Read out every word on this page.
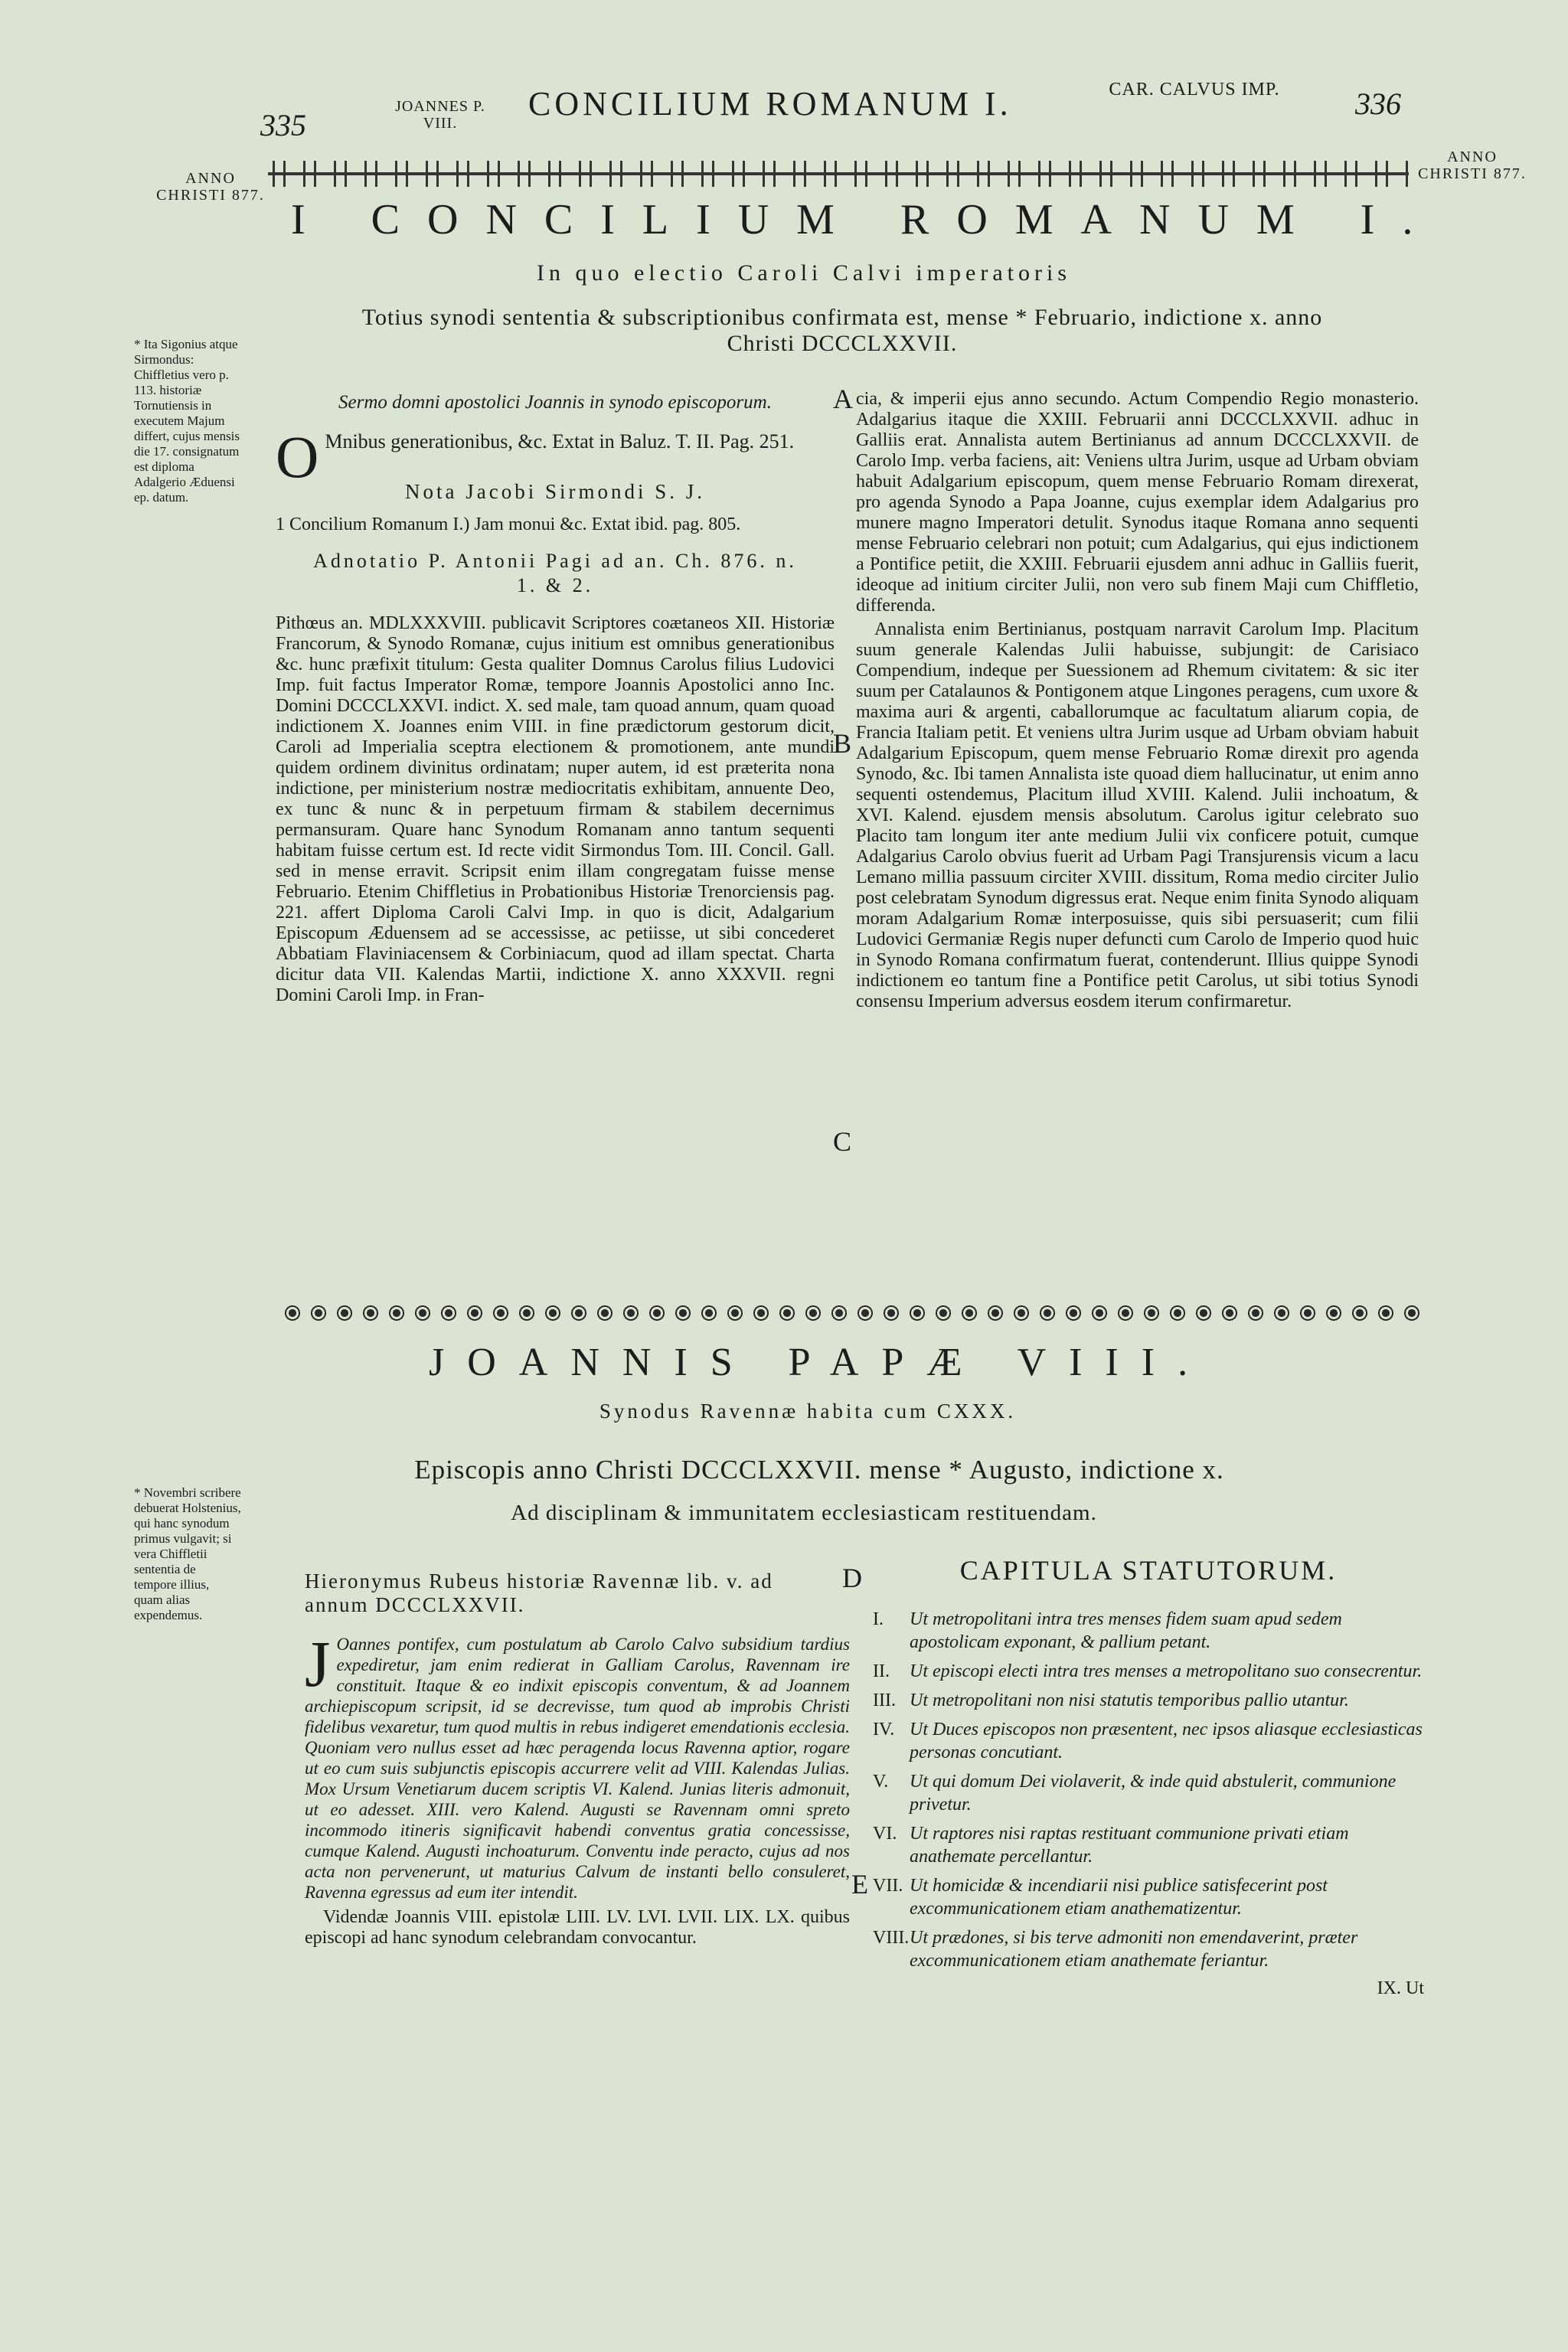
335
JOANNES P. VIII.
CONCILIUM ROMANUM I.	CAR. CALVUS IMP.	336
ANNO CHRISTI 877.
ANNO CHRISTI 877.
I CONCILIUM ROMANUM I.
In quo electio Caroli Calvi imperatoris
Totius synodi sententia & subscriptionibus confirmata est, mense * Februario, indictione x. anno Christi DCCCLXXVII.
* Ita Sigonius atque Sirmondus: Chiffletius vero p. 113. historiæ Tornutiensis in executem Majum differt, cujus mensis die 17. consignatum est diploma Adalgerio Æduensi ep. datum.
Sermo domni apostolici Joannis in synodo episcoporum.
O Mnibus generationibus, &c. Extat in Baluz. T. II. Pag. 251.
Nota Jacobi Sirmondi S. J.
1 Concilium Romanum I.) Jam monui &c. Extat ibid. pag. 805.
Adnotatio P. Antonii Pagi ad an. Ch. 876. n. 1. & 2.
Pithœus an. MDLXXXVIII. publicavit Scriptores coætaneos XII. Historiæ Francorum, & Synodo Romanæ, cujus initium est omnibus generationibus &c. hunc præfixit titulum: Gesta qualiter Domnus Carolus filius Ludovici Imp. fuit factus Imperator Romæ, tempore Joannis Apostolici anno Inc. Domini DCCCLXXVI. indict. X. sed male, tam quoad annum, quam quoad indictionem X. Joannes enim VIII. in fine prædictorum gestorum dicit, Caroli ad Imperialia sceptra electionem & promotionem, ante mundi quidem ordinem divinitus ordinatam; nuper autem, id est præterita nona indictione, per ministerium nostræ mediocritatis exhibitam, annuente Deo, ex tunc & nunc & in perpetuum firmam & stabilem decernimus permansuram. Quare hanc Synodum Romanam anno tantum sequenti habitam fuisse certum est. Id recte vidit Sirmondus Tom. III. Concil. Gall. sed in mense erravit. Scripsit enim illam congregatam fuisse mense Februario. Etenim Chiffletius in Probationibus Historiæ Trenorciensis pag. 221. affert Diploma Caroli Calvi Imp. in quo is dicit, Adalgarium Episcopum Æduensem ad se accessisse, ac petiisse, ut sibi concederet Abbatiam Flaviniacensem & Corbiniacum, quod ad illam spectat. Charta dicitur data VII. Kalendas Martii, indictione X. anno XXXVII. regni Domini Caroli Imp. in Fran-
A
B
C
cia, & imperii ejus anno secundo. Actum Compendio Regio monasterio. Adalgarius itaque die XXIII. Februarii anni DCCCLXXVII. adhuc in Galliis erat. Annalista autem Bertinianus ad annum DCCCLXXVII. de Carolo Imp. verba faciens, ait: Veniens ultra Jurim, usque ad Urbam obviam habuit Adalgarium episcopum, quem mense Februario Romam direxerat, pro agenda Synodo a Papa Joanne, cujus exemplar idem Adalgarius pro munere magno Imperatori detulit. Synodus itaque Romana anno sequenti mense Februario celebrari non potuit; cum Adalgarius, qui ejus indictionem a Pontifice petiit, die XXIII. Februarii ejusdem anni adhuc in Galliis fuerit, ideoque ad initium circiter Julii, non vero sub finem Maji cum Chiffletio, differenda.

Annalista enim Bertinianus, postquam narravit Carolum Imp. Placitum suum generale Kalendas Julii habuisse, subjungit: de Carisiaco Compendium, indeque per Suessionem ad Rhemum civitatem: & sic iter suum per Catalaunos & Pontigonem atque Lingones peragens, cum uxore & maxima auri & argenti, caballorumque ac facultatum aliarum copia, de Francia Italiam petit. Et veniens ultra Jurim usque ad Urbam obviam habuit Adalgarium Episcopum, quem mense Februario Romæ direxit pro agenda Synodo, &c. Ibi tamen Annalista iste quoad diem hallucinatur, ut enim anno sequenti ostendemus, Placitum illud XVIII. Kalend. Julii inchoatum, & XVI. Kalend. ejusdem mensis absolutum. Carolus igitur celebrato suo Placito tam longum iter ante medium Julii vix conficere potuit, cumque Adalgarius Carolo obvius fuerit ad Urbam Pagi Transjurensis vicum a lacu Lemano millia passuum circiter XVIII. dissitum, Roma medio circiter Julio post celebratam Synodum digressus erat. Neque enim finita Synodo aliquam moram Adalgarium Romæ interposuisse, quis sibi persuaserit; cum filii Ludovici Germaniæ Regis nuper defuncti cum Carolo de Imperio quod huic in Synodo Romana confirmatum fuerat, contenderunt. Illius quippe Synodi indictionem eo tantum fine a Pontifice petit Carolus, ut sibi totius Synodi consensu Imperium adversus eosdem iterum confirmaretur.

JOANNIS PAPÆ VIII.
Synodus Ravennæ habita cum CXXX.
Episcopis anno Christi DCCCLXXVII. mense * Augusto, indictione x.
Ad disciplinam & immunitatem ecclesiasticam restituendam.
* Novembri scribere debuerat Holstenius, qui hanc synodum primus vulgavit; si vera Chiffletii sententia de tempore illius, quam alias expendemus.
Hieronymus Rubeus historiæ Ravennæ lib. v. ad annum DCCCLXXVII.
J Oannes pontifex, cum postulatum ab Carolo Calvo subsidium tardius expediretur, jam enim redierat in Galliam Carolus, Ravennam ire constituit. Itaque & eo indixit episcopis conventum, & ad Joannem archiepiscopum scripsit, id se decrevisse, tum quod ab improbis Christi fidelibus vexaretur, tum quod multis in rebus indigeret emendationis ecclesia. Quoniam vero nullus esset ad hæc peragenda locus Ravenna aptior, rogare ut eo cum suis subjunctis episcopis accurrere velit ad VIII. Kalendas Julias. Mox Ursum Venetiarum ducem scriptis VI. Kalend. Junias literis admonuit, ut eo adesset. XIII. vero Kalend. Augusti se Ravennam omni spreto incommodo itineris significavit habendi conventus gratia concessisse, cumque Kalend. Augusti inchoaturum. Conventu inde peracto, cujus ad nos acta non pervenerunt, ut maturius Calvum de instanti bello consuleret, Ravenna egressus ad eum iter intendit.

Videndæ Joannis VIII. epistolæ LIII. LV. LVI. LVII. LIX. LX. quibus episcopi ad hanc synodum celebrandam convocantur.

D
E
CAPITULA STATUTORUM.
I. Ut metropolitani intra tres menses fidem suam apud sedem apostolicam exponant, & pallium petant.
II. Ut episcopi electi intra tres menses a metropolitano suo consecrentur.
III. Ut metropolitani non nisi statutis temporibus pallio utantur.
IV. Ut Duces episcopos non præsentent, nec ipsos aliasque ecclesiasticas personas concutiant.
V. Ut qui domum Dei violaverit, & inde quid abstulerit, communione privetur.
VI. Ut raptores nisi raptas restituant communione privati etiam anathemate percellantur.
VII. Ut homicidæ & incendiarii nisi publice satisfecerint post excommunicationem etiam anathematizentur.
VIII.Ut prædones, si bis terve admoniti non emendaverint, præter excommunicationem etiam anathemate feriantur.
IX. Ut
